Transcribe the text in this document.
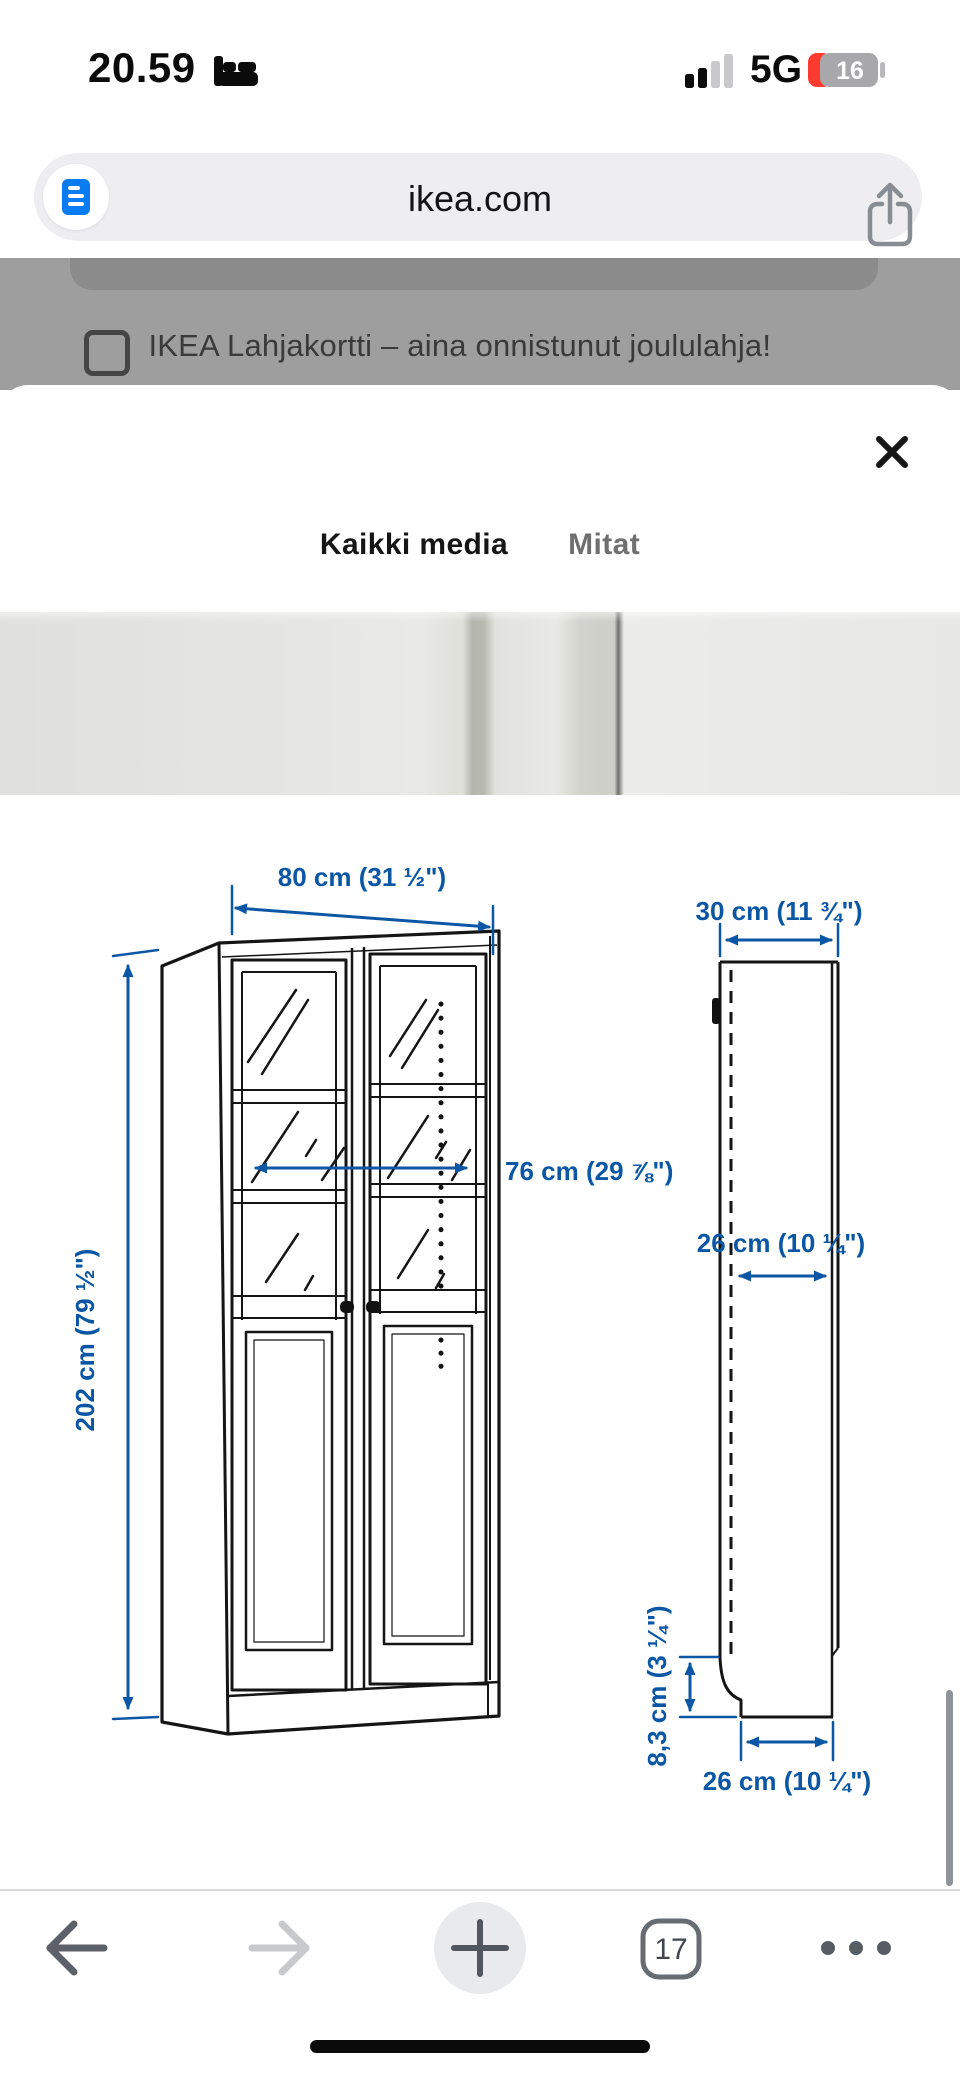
20.59	5G 16
ikea.com
IKEA Lahjakortti – aina onnistunut joululahja!
Kaikki media Mitat
80 cm (31 ½")
30 cm (11 ¾")
76 cm (29 ⅞")
202 cm (79 ½")
26 cm (10 ¼")
8,3 cm (3 ¼")
26 cm (10 ¼")
17
